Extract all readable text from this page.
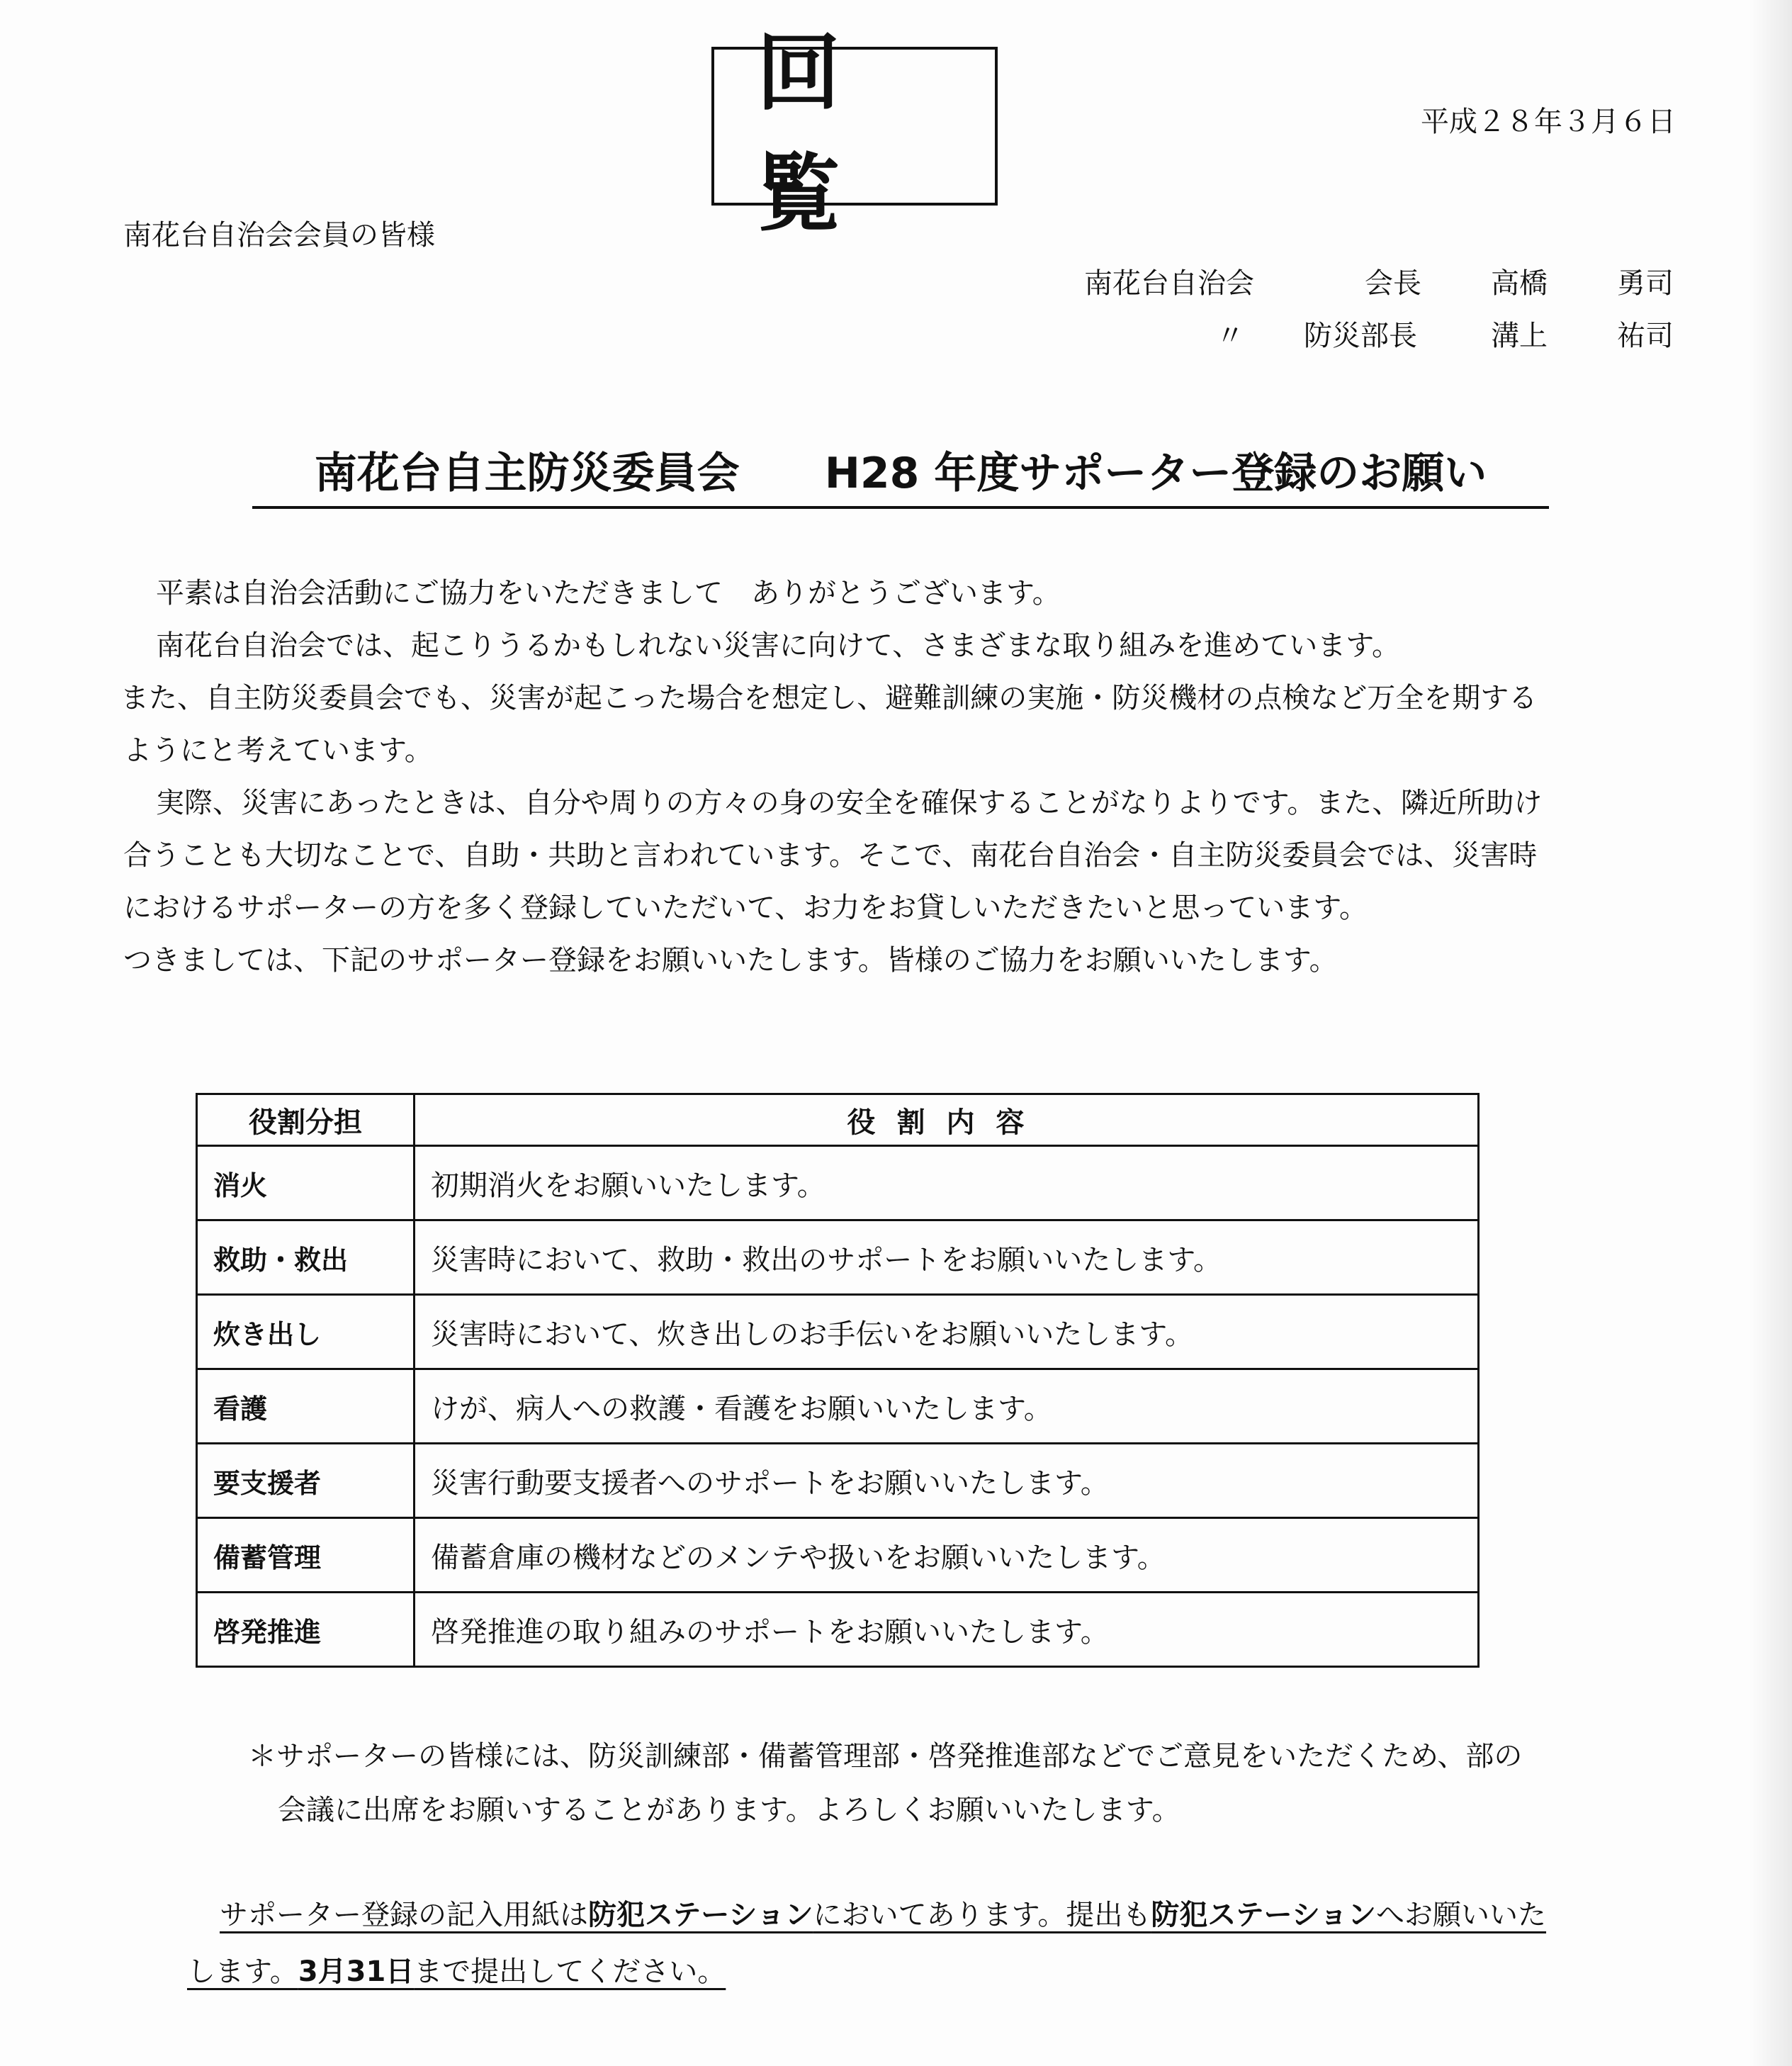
回 覧
平成２８年３月６日
南花台自治会会員の皆様
南花台自治会	会長 高橋 勇司
〃 防災部長	溝上 祐司
南花台自主防災委員会 H28 年度サポーター登録のお願い

平素は自治会活動にご協力をいただきまして　ありがとうございます。

南花台自治会では、起こりうるかもしれない災害に向けて、さまざまな取り組みを進めています。

また、自主防災委員会でも、災害が起こった場合を想定し、避難訓練の実施・防災機材の点検など万全を期する

ようにと考えています。

実際、災害にあったときは、自分や周りの方々の身の安全を確保することがなりよりです。また、隣近所助け

合うことも大切なことで、自助・共助と言われています。そこで、南花台自治会・自主防災委員会では、災害時

におけるサポーターの方を多く登録していただいて、お力をお貸しいただきたいと思っています。

つきましては、下記のサポーター登録をお願いいたします。皆様のご協力をお願いいたします。

役割分担	役割内容
消火	初期消火をお願いいたします。
救助・救出	災害時において、救助・救出のサポートをお願いいたします。
炊き出し	災害時において、炊き出しのお手伝いをお願いいたします。
看護	けが、病人への救護・看護をお願いいたします。
要支援者	災害行動要支援者へのサポートをお願いいたします。
備蓄管理	備蓄倉庫の機材などのメンテや扱いをお願いいたします。
啓発推進	啓発推進の取り組みのサポートをお願いいたします。

＊サポーターの皆様には、防災訓練部・備蓄管理部・啓発推進部などでご意見をいただくため、部の

会議に出席をお願いすることがあります。よろしくお願いいたします。

サポーター登録の記入用紙は防犯ステーションにおいてあります。提出も防犯ステーションへお願いいた

します。3月31日まで提出してください。
